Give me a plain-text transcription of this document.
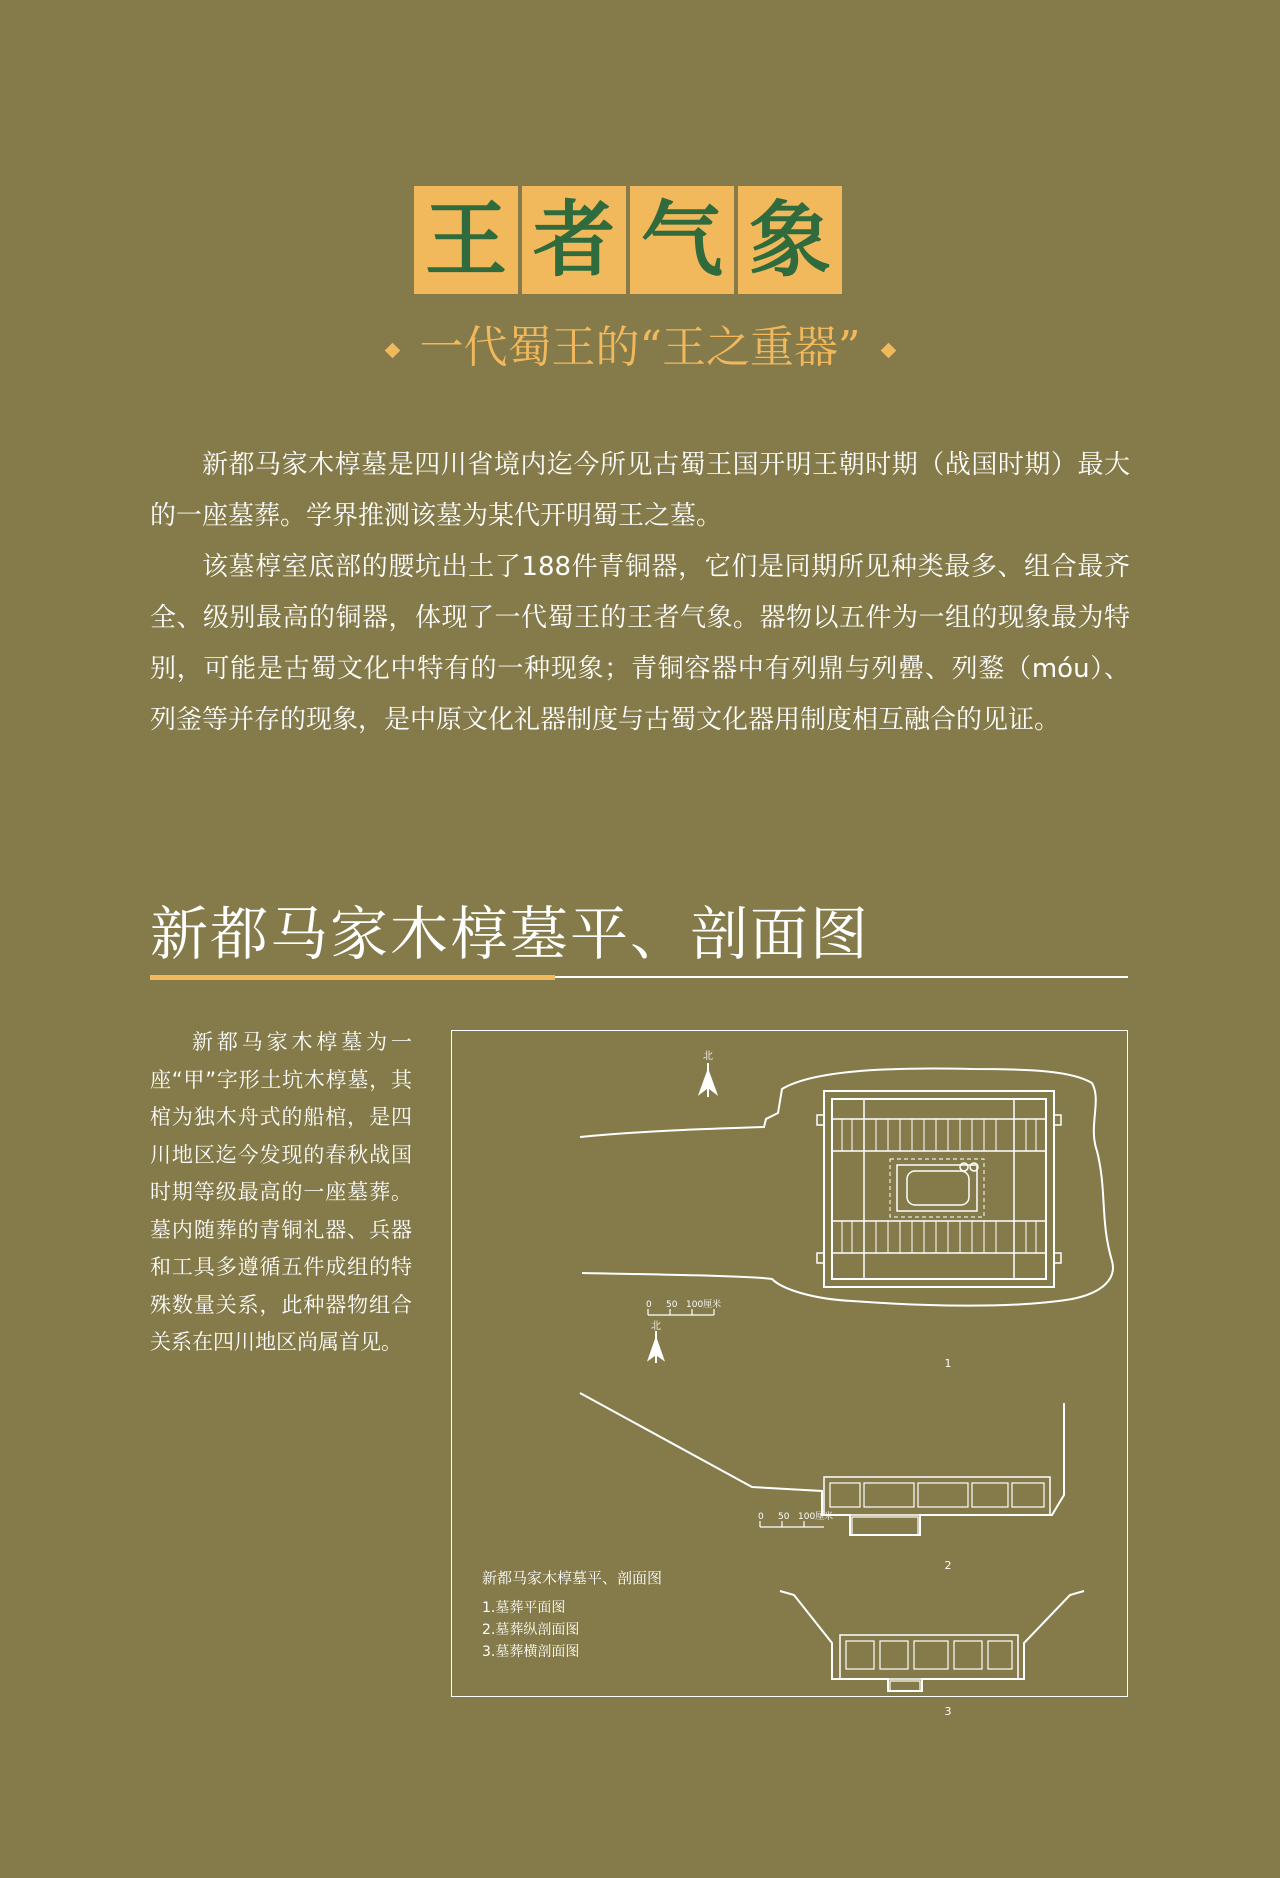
王 者 气 象
一代蜀王的“王之重器”

新都马家木椁墓是四川省境内迄今所见古蜀王国开明王朝时期（战国时期）最大的一座墓葬。学界推测该墓为某代开明蜀王之墓。

该墓椁室底部的腰坑出土了188件青铜器，它们是同期所见种类最多、组合最齐全、级别最高的铜器，体现了一代蜀王的王者气象。器物以五件为一组的现象最为特别，可能是古蜀文化中特有的一种现象；青铜容器中有列鼎与列罍、列鍪（móu）、列釜等并存的现象，是中原文化礼器制度与古蜀文化器用制度相互融合的见证。

新都马家木椁墓平、剖面图
新都马家木椁墓为一座“甲”字形土坑木椁墓，其棺为独木舟式的船棺，是四川地区迄今发现的春秋战国时期等级最高的一座墓葬。墓内随葬的青铜礼器、兵器和工具多遵循五件成组的特殊数量关系，此种器物组合关系在四川地区尚属首见。
北
北
0 50 100厘米
0 50 100厘米
1
2
3
新都马家木椁墓平、剖面图
1.墓葬平面图
2.墓葬纵剖面图
3.墓葬横剖面图
